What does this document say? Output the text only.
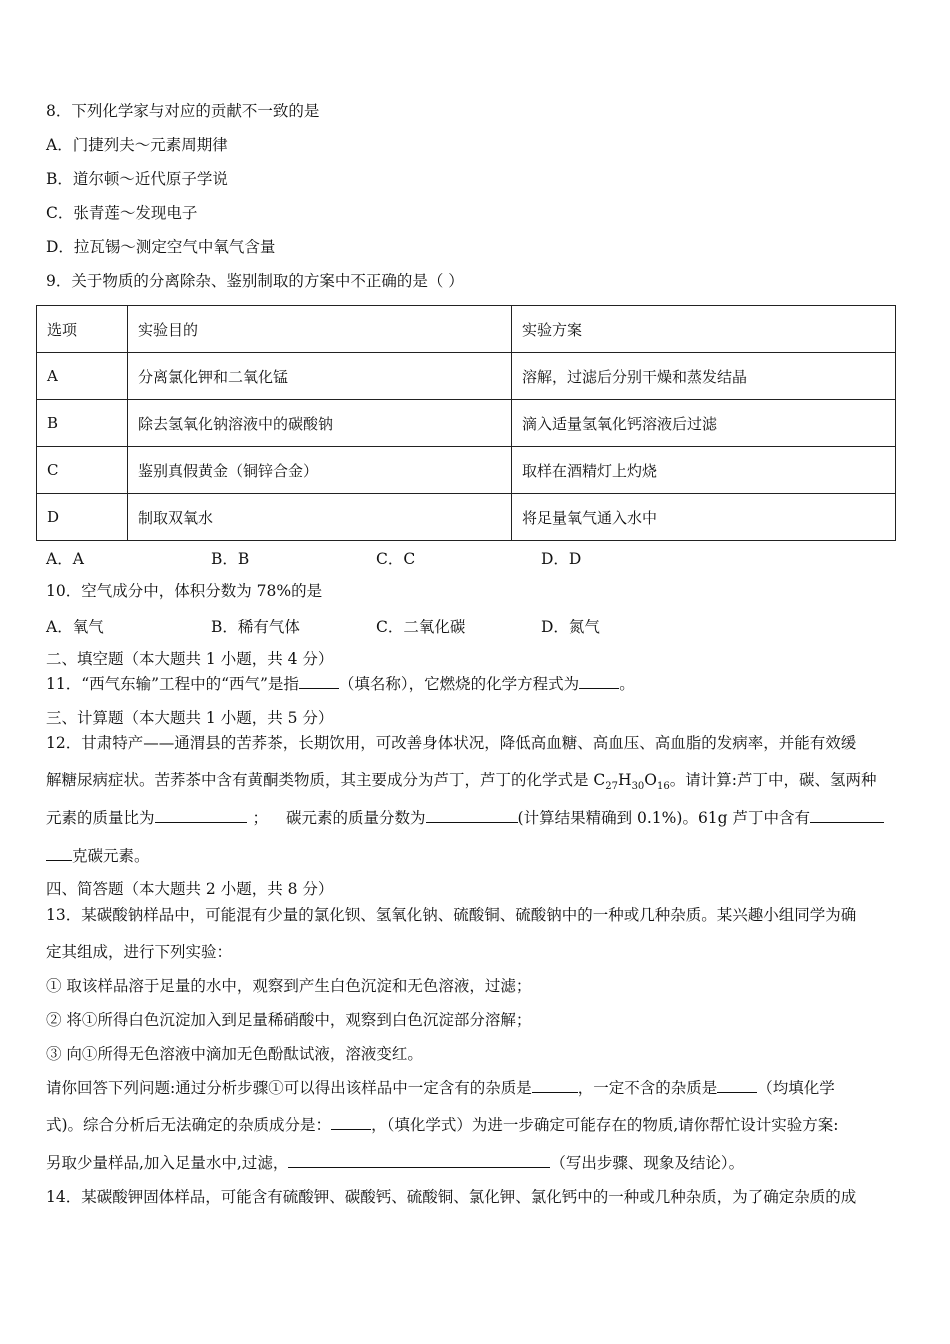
8．下列化学家与对应的贡献不一致的是
A．门捷列夫～元素周期律
B．道尔顿～近代原子学说
C．张青莲～发现电子
D．拉瓦锡～测定空气中氧气含量
9．关于物质的分离除杂、鉴别制取的方案中不正确的是（ ）
选项	实验目的	实验方案
A	分离氯化钾和二氧化锰	溶解，过滤后分别干燥和蒸发结晶
B	除去氢氧化钠溶液中的碳酸钠	滴入适量氢氧化钙溶液后过滤
C	鉴别真假黄金（铜锌合金）	取样在酒精灯上灼烧
D	制取双氧水	将足量氧气通入水中
A．A	B．B	C．C	D．D
10．空气成分中，体积分数为 78%的是
A．氧气	B．稀有气体	C．二氧化碳	D．氮气
二、填空题（本大题共 1 小题，共 4 分）
11．“西气东输”工程中的“西气”是指	（填名称），它燃烧的化学方程式为	。
三、计算题（本大题共 1 小题，共 5 分）
12．甘肃特产——通渭县的苦荞茶，长期饮用，可改善身体状况，降低高血糖、高血压、高血脂的发病率，并能有效缓
解糖尿病症状。苦荞茶中含有黄酮类物质，其主要成分为芦丁，芦丁的化学式是 $C_{27}H_{30}O_{16}$。请计算:芦丁中，碳、氢两种
元素的质量比为	； 碳元素的质量分数为	(计算结果精确到 0.1%)。61g 芦丁中含有
克碳元素。
四、简答题（本大题共 2 小题，共 8 分）
13．某碳酸钠样品中，可能混有少量的氯化钡、氢氧化钠、硫酸铜、硫酸钠中的一种或几种杂质。某兴趣小组同学为确
定其组成，进行下列实验：
① 取该样品溶于足量的水中，观察到产生白色沉淀和无色溶液，过滤；
② 将①所得白色沉淀加入到足量稀硝酸中，观察到白色沉淀部分溶解；
③ 向①所得无色溶液中滴加无色酚酞试液，溶液变红。
请你回答下列问题:通过分析步骤①可以得出该样品中一定含有的杂质是	，一定不含的杂质是	（均填化学
式)。综合分析后无法确定的杂质成分是：	，（填化学式）为进一步确定可能存在的物质,请你帮忙设计实验方案:
另取少量样品,加入足量水中,过滤，	（写出步骤、现象及结论）。
14．某碳酸钾固体样品，可能含有硫酸钾、碳酸钙、硫酸铜、氯化钾、氯化钙中的一种或几种杂质，为了确定杂质的成
